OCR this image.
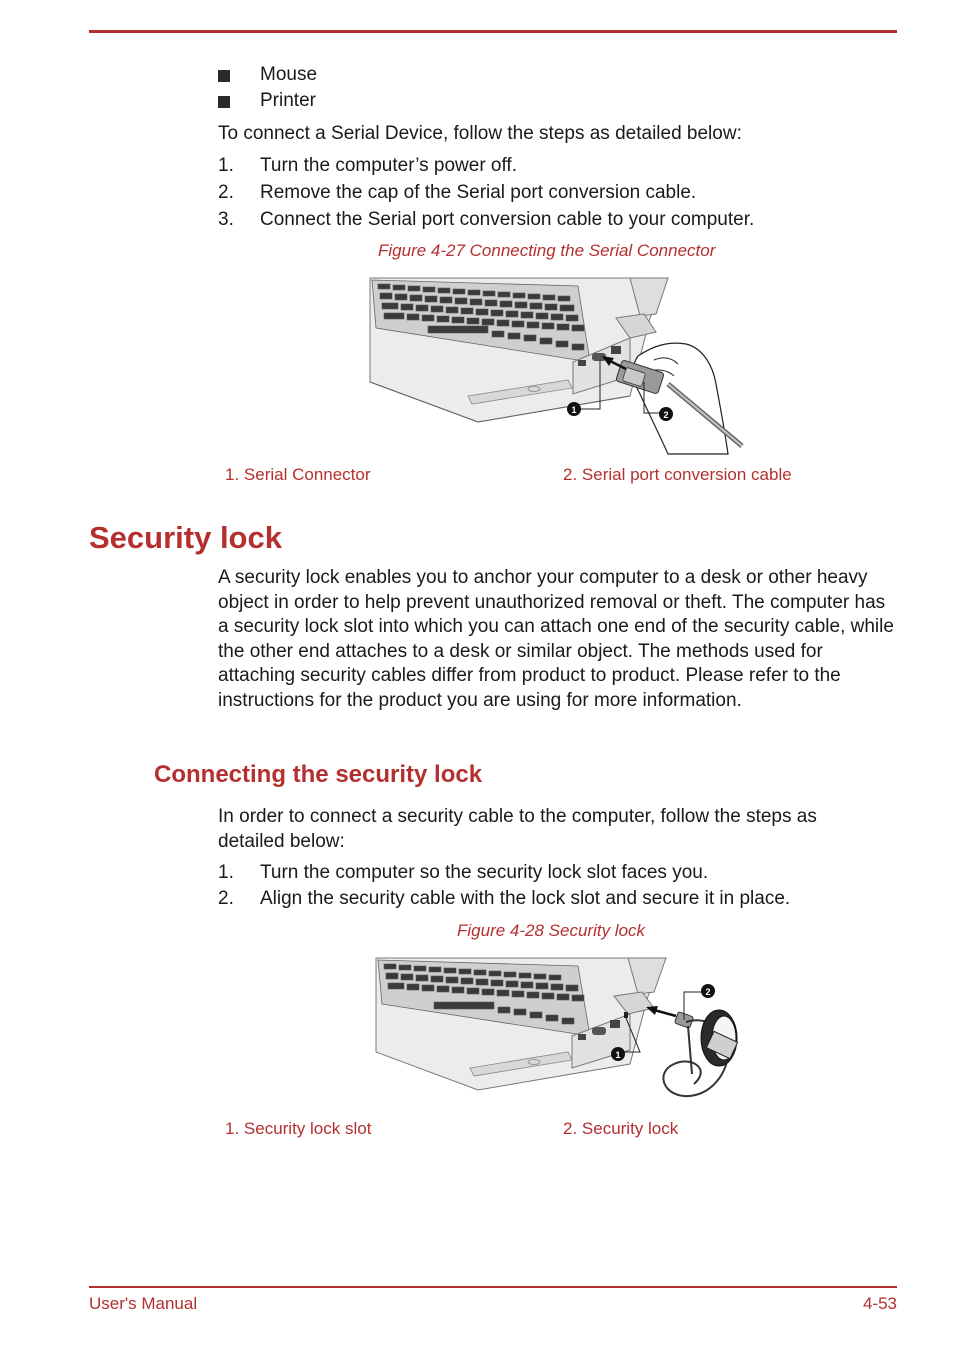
Mouse
Printer
To connect a Serial Device, follow the steps as detailed below:
1. Turn the computer’s power off.
2. Remove the cap of the Serial port conversion cable.
3. Connect the Serial port conversion cable to your computer.
Figure 4-27 Connecting the Serial Connector
1	2
1. Serial Connector	2. Serial port conversion cable
Security lock
A security lock enables you to anchor your computer to a desk or other heavy object in order to help prevent unauthorized removal or theft. The computer has a security lock slot into which you can attach one end of the security cable, while the other end attaches to a desk or similar object. The methods used for attaching security cables differ from product to product. Please refer to the instructions for the product you are using for more information.
Connecting the security lock
In order to connect a security cable to the computer, follow the steps as detailed below:
1. Turn the computer so the security lock slot faces you.
2. Align the security cable with the lock slot and secure it in place.
Figure 4-28 Security lock
1
2
1. Security lock slot	2. Security lock
User's Manual	4-53
